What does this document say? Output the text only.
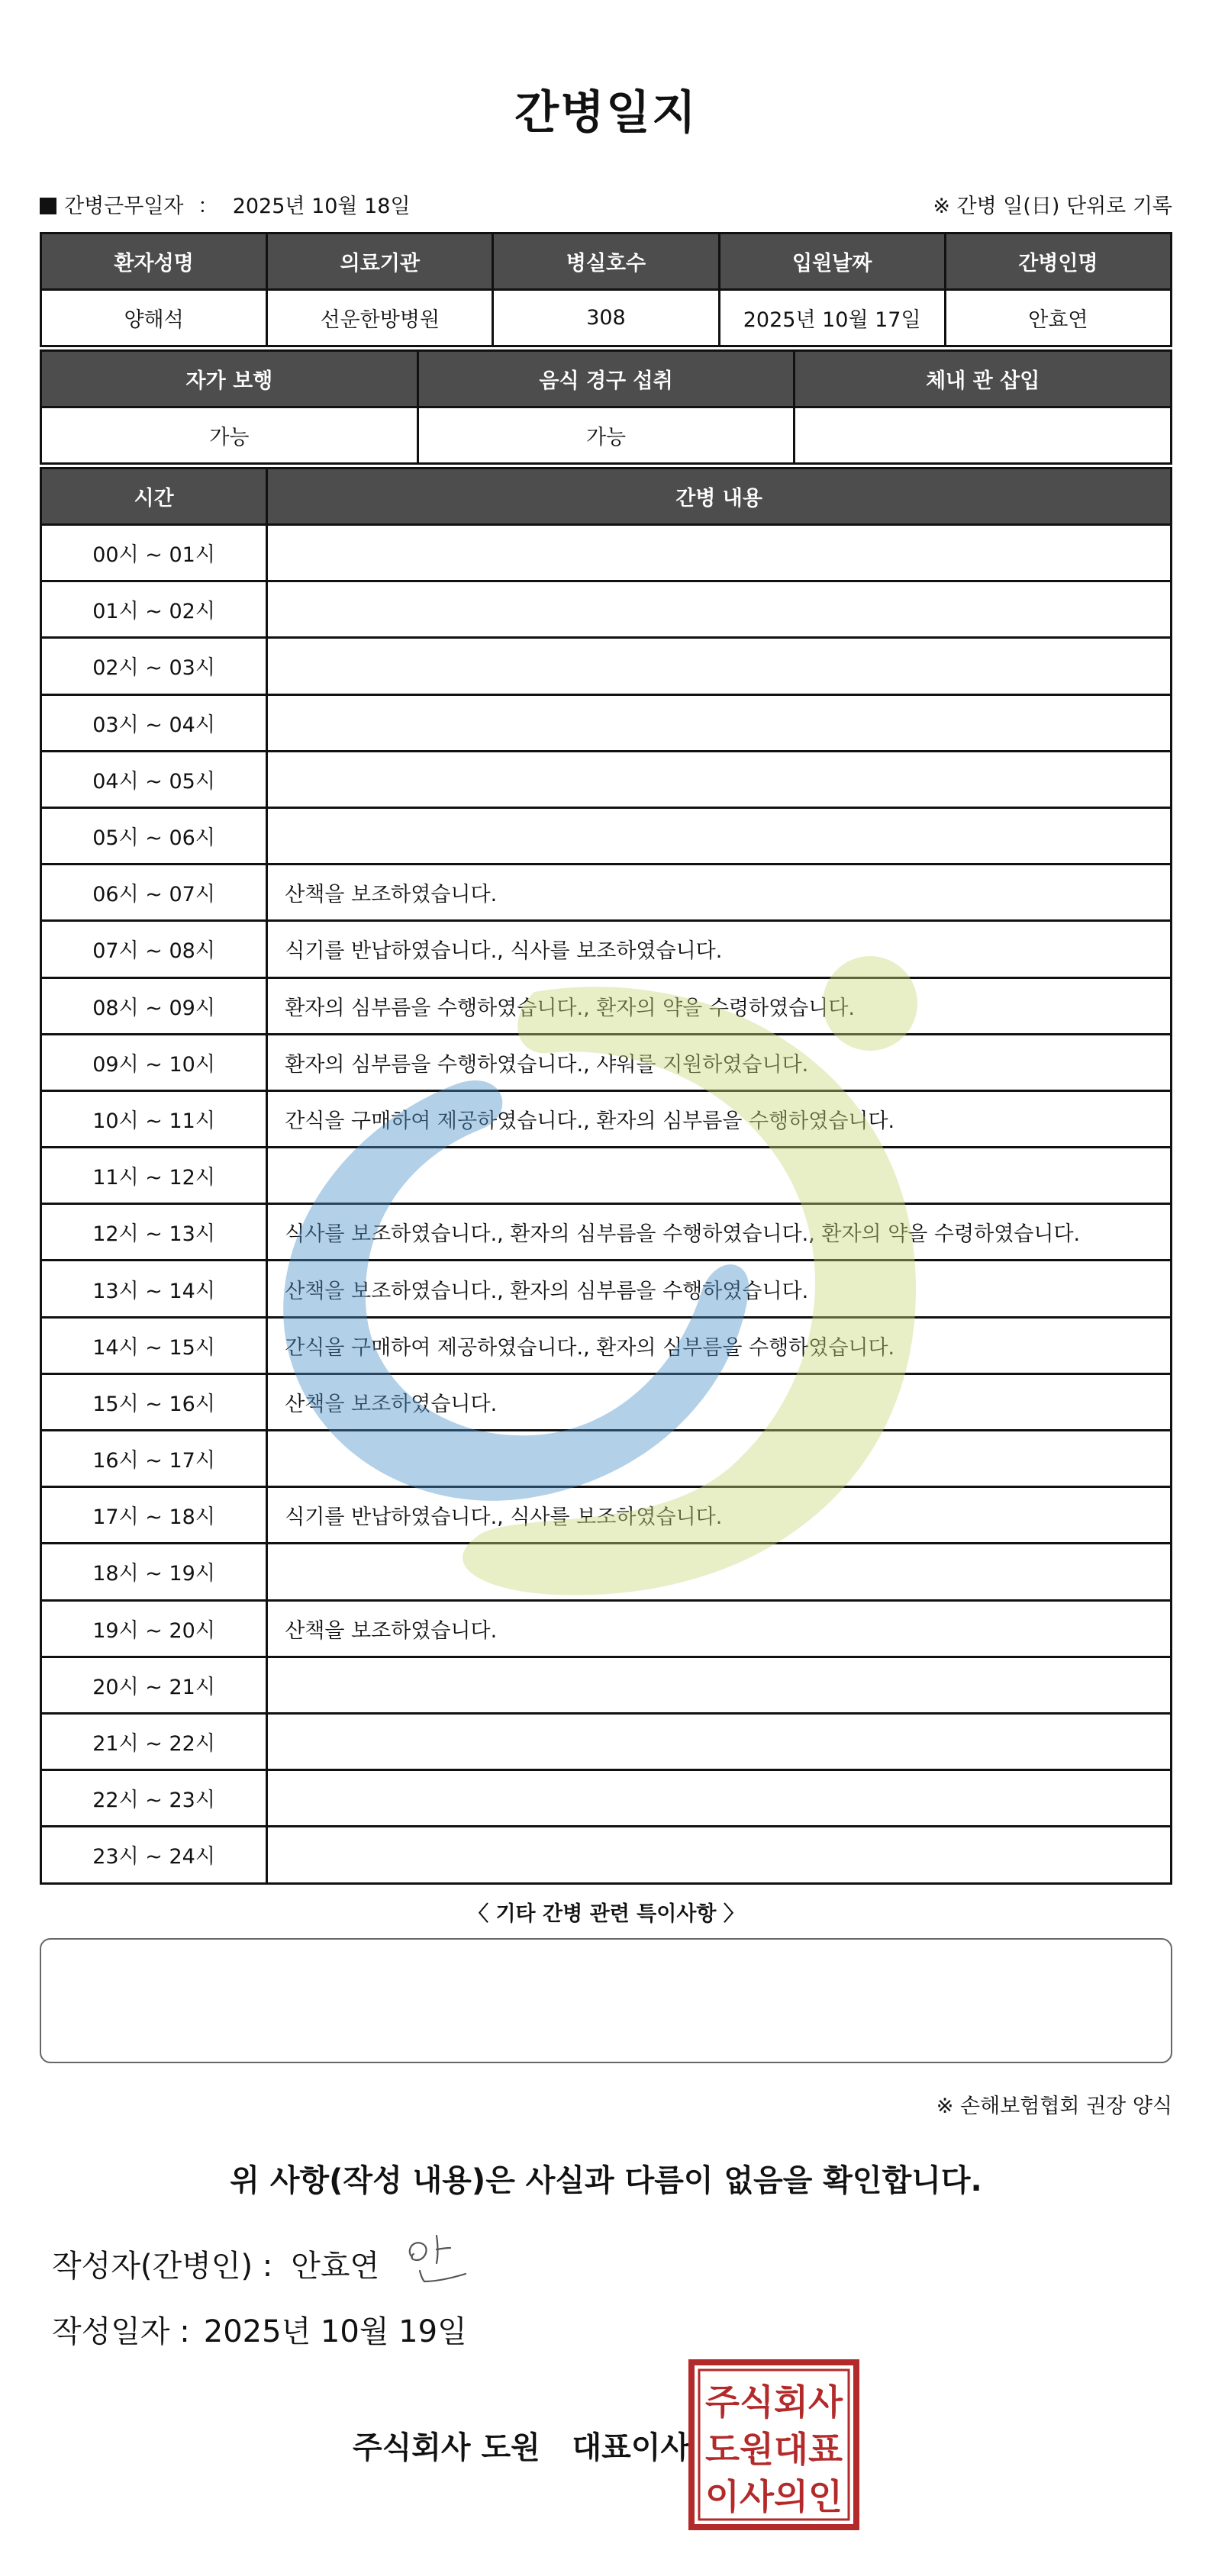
간병일지
간병근무일자 ： 2025년 10월 18일	※ 간병 일(日) 단위로 기록
환자성명	의료기관	병실호수	입원날짜	간병인명
양해석	선운한방병원	308	2025년 10월 17일	안효연
자가 보행	음식 경구 섭취	체내 관 삽입
가능	가능	
시간	간병 내용
00시 ~ 01시	
01시 ~ 02시	
02시 ~ 03시	
03시 ~ 04시	
04시 ~ 05시	
05시 ~ 06시	
06시 ~ 07시	산책을 보조하였습니다.
07시 ~ 08시	식기를 반납하였습니다., 식사를 보조하였습니다.
08시 ~ 09시	환자의 심부름을 수행하였습니다., 환자의 약을 수령하였습니다.
09시 ~ 10시	환자의 심부름을 수행하였습니다., 샤워를 지원하였습니다.
10시 ~ 11시	간식을 구매하여 제공하였습니다., 환자의 심부름을 수행하였습니다.
11시 ~ 12시	
12시 ~ 13시	식사를 보조하였습니다., 환자의 심부름을 수행하였습니다., 환자의 약을 수령하였습니다.
13시 ~ 14시	산책을 보조하였습니다., 환자의 심부름을 수행하였습니다.
14시 ~ 15시	간식을 구매하여 제공하였습니다., 환자의 심부름을 수행하였습니다.
15시 ~ 16시	산책을 보조하였습니다.
16시 ~ 17시	
17시 ~ 18시	식기를 반납하였습니다., 식사를 보조하였습니다.
18시 ~ 19시	
19시 ~ 20시	산책을 보조하였습니다.
20시 ~ 21시	
21시 ~ 22시	
22시 ~ 23시	
23시 ~ 24시	
〈 기타 간병 관련 특이사항 〉
※ 손해보험협회 권장 양식
위 사항(작성 내용)은 사실과 다름이 없음을 확인합니다.
작성자(간병인) : 안효연
작성일자 : 2025년 10월 19일
주식회사 도원   대표이사
주식회사
도원대표
이사의인
